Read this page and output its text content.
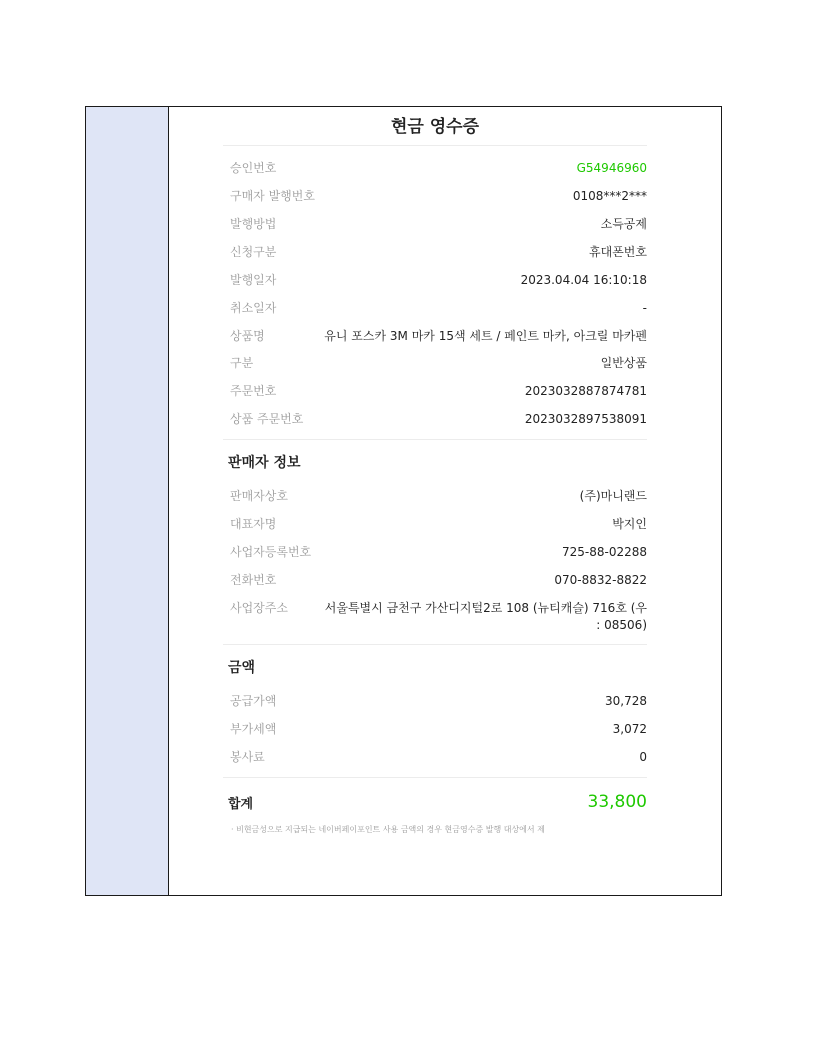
현금 영수증
승인번호	G54946960
구매자 발행번호	0108***2***
발행방법	소득공제
신청구분	휴대폰번호
발행일자	2023.04.04 16:10:18
취소일자	-
상품명	유니 포스카 3M 마카 15색 세트 / 페인트 마카, 아크릴 마카펜
구분	일반상품
주문번호	2023032887874781
상품 주문번호	2023032897538091
판매자 정보
판매자상호	(주)마니랜드
대표자명	박지인
사업자등록번호	725-88-02288
전화번호	070-8832-8822
사업장주소	서울특별시 금천구 가산디지털2로 108 (뉴티캐슬) 716호 (우 : 08506)
금액
공급가액	30,728
부가세액	3,072
봉사료	0
합계	33,800
· 비현금성으로 지급되는 네이버페이포인트 사용 금액의 경우 현금영수증 발행 대상에서 제
